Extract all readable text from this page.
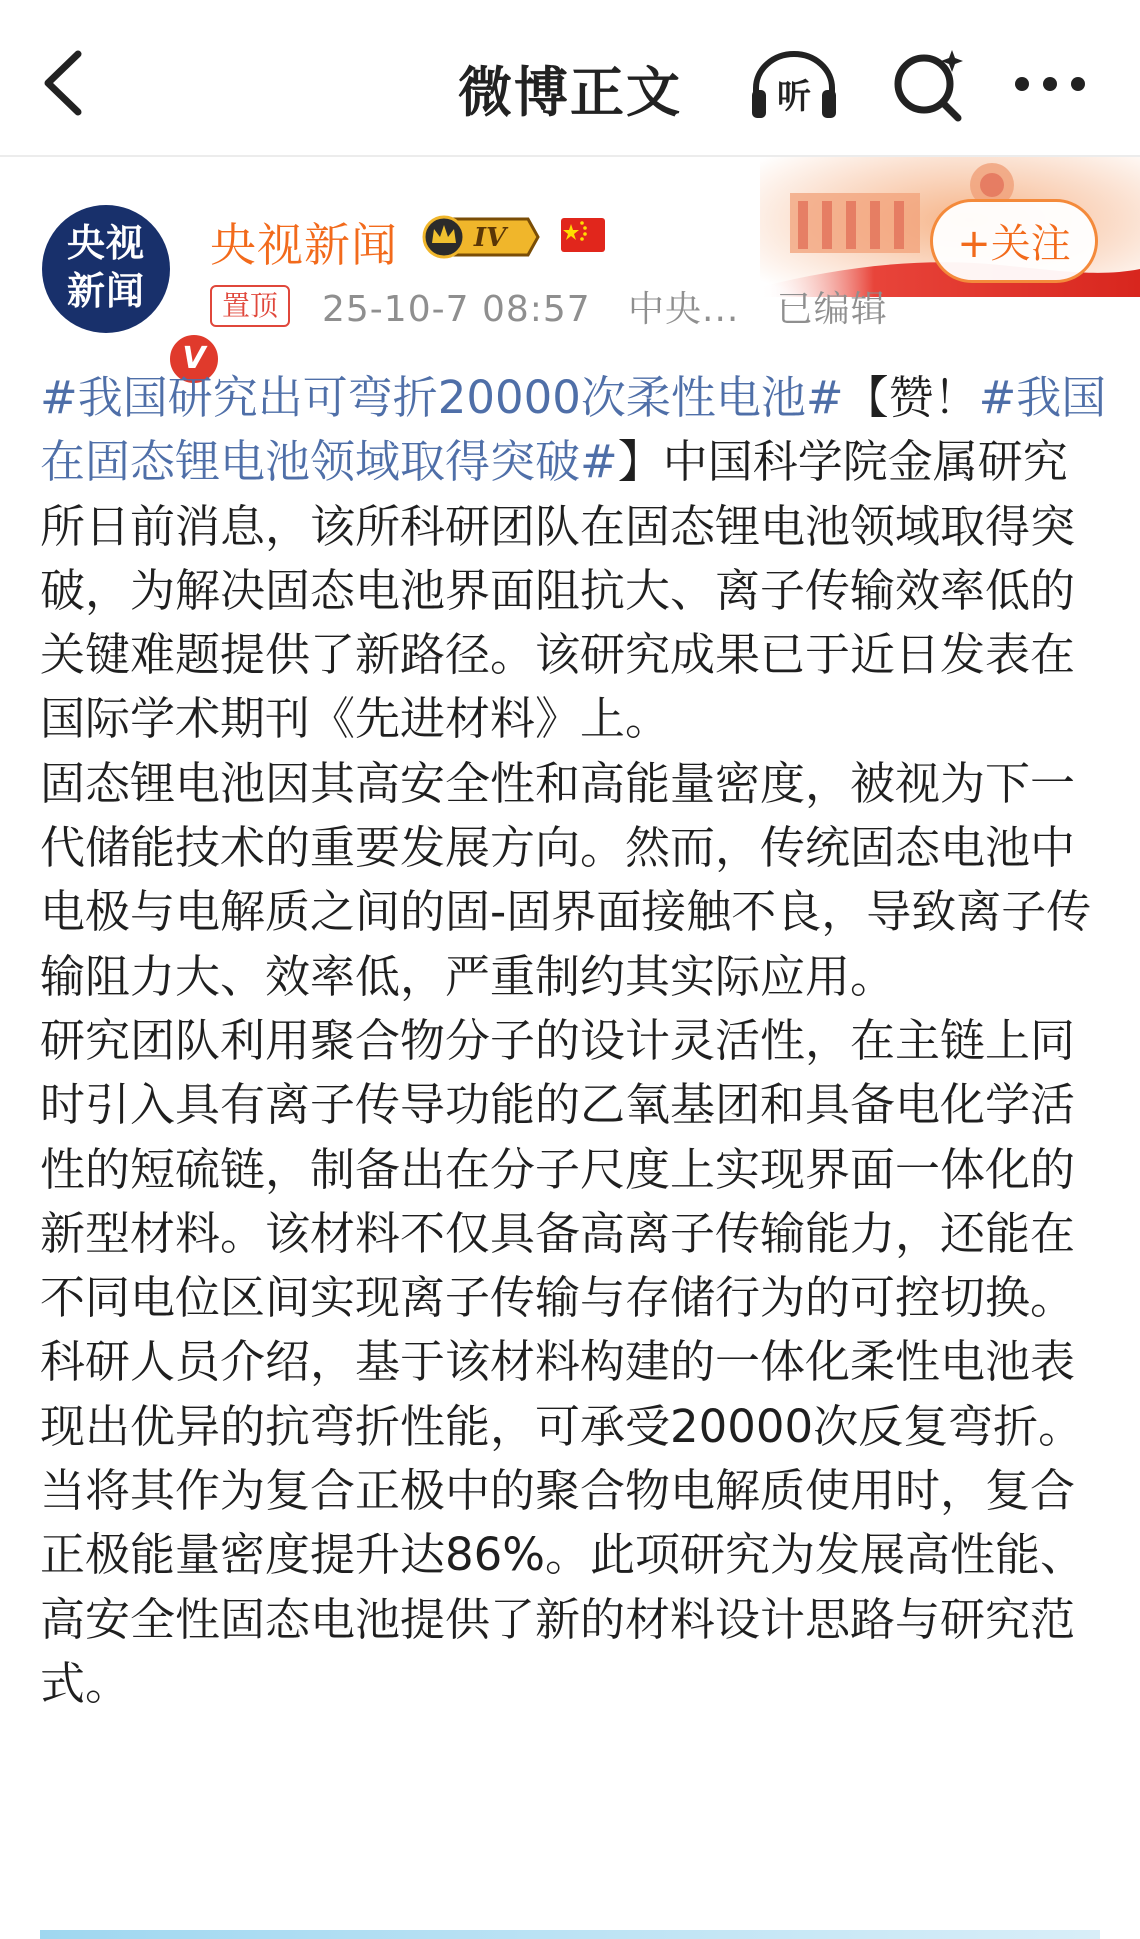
微博正文	听
央视
新闻
V
央视新闻	IV
置顶	25-10-7 08:57   中央...   已编辑
+关注

#我国研究出可弯折20000次柔性电池#【赞！#我国在固态锂电池领域取得突破#】中国科学院金属研究所日前消息，该所科研团队在固态锂电池领域取得突破，为解决固态电池界面阻抗大、离子传输效率低的关键难题提供了新路径。该研究成果已于近日发表在国际学术期刊《先进材料》上。

固态锂电池因其高安全性和高能量密度，被视为下一代储能技术的重要发展方向。然而，传统固态电池中电极与电解质之间的固-固界面接触不良，导致离子传输阻力大、效率低，严重制约其实际应用。

研究团队利用聚合物分子的设计灵活性，在主链上同时引入具有离子传导功能的乙氧基团和具备电化学活性的短硫链，制备出在分子尺度上实现界面一体化的新型材料。该材料不仅具备高离子传输能力，还能在不同电位区间实现离子传输与存储行为的可控切换。

科研人员介绍，基于该材料构建的一体化柔性电池表现出优异的抗弯折性能，可承受20000次反复弯折。当将其作为复合正极中的聚合物电解质使用时，复合正极能量密度提升达86%。此项研究为发展高性能、高安全性固态电池提供了新的材料设计思路与研究范式。
